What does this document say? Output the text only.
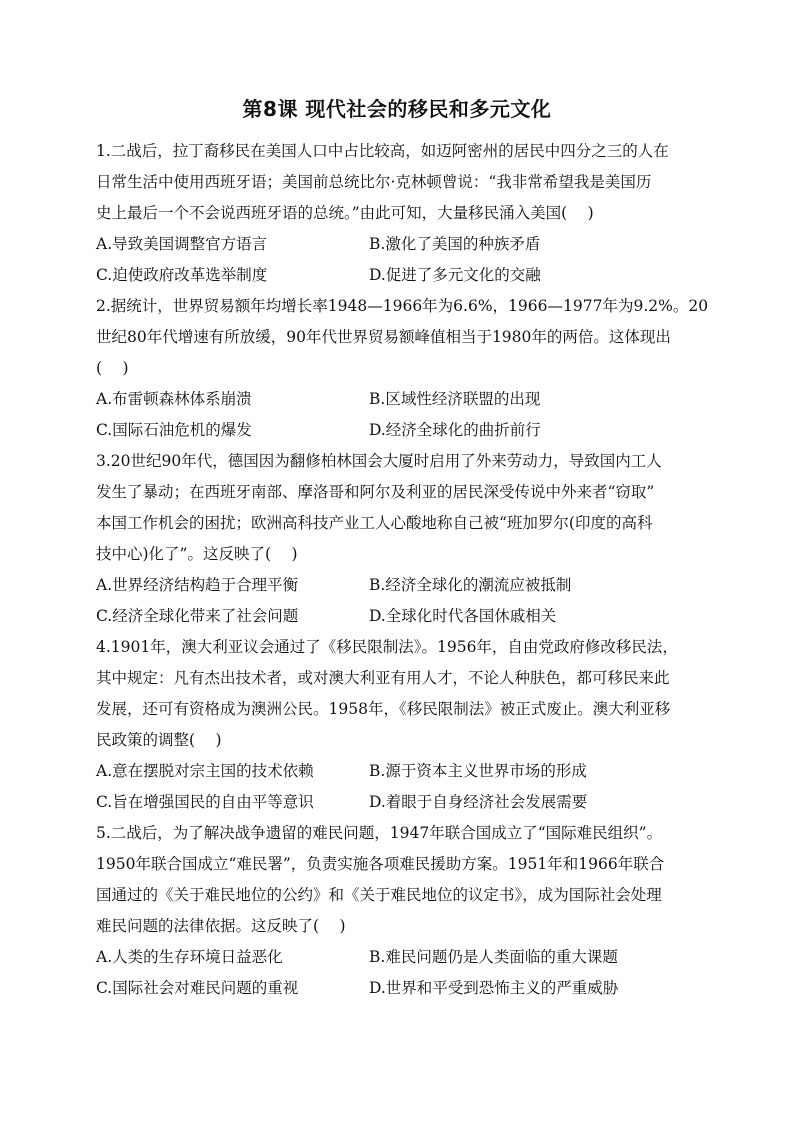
第8课 现代社会的移民和多元文化
1.二战后，拉丁裔移民在美国人口中占比较高，如迈阿密州的居民中四分之三的人在
日常生活中使用西班牙语；美国前总统比尔·克林顿曾说：“我非常希望我是美国历
史上最后一个不会说西班牙语的总统。”由此可知，大量移民涌入美国(　 )
A.导致美国调整官方语言	B.激化了美国的种族矛盾
C.迫使政府改革选举制度	D.促进了多元文化的交融
2.据统计，世界贸易额年均增长率1948—1966年为6.6%，1966—1977年为9.2%。20
世纪80年代增速有所放缓，90年代世界贸易额峰值相当于1980年的两倍。这体现出
(　 )
A.布雷顿森林体系崩溃	B.区域性经济联盟的出现
C.国际石油危机的爆发	D.经济全球化的曲折前行
3.20世纪90年代，德国因为翻修柏林国会大厦时启用了外来劳动力，导致国内工人
发生了暴动；在西班牙南部、摩洛哥和阿尔及利亚的居民深受传说中外来者“窃取”
本国工作机会的困扰；欧洲高科技产业工人心酸地称自己被“班加罗尔(印度的高科
技中心)化了”。这反映了(　 )
A.世界经济结构趋于合理平衡	B.经济全球化的潮流应被抵制
C.经济全球化带来了社会问题	D.全球化时代各国休戚相关
4.1901年，澳大利亚议会通过了《移民限制法》。1956年，自由党政府修改移民法，
其中规定：凡有杰出技术者，或对澳大利亚有用人才，不论人种肤色，都可移民来此
发展，还可有资格成为澳洲公民。1958年，《移民限制法》被正式废止。澳大利亚移
民政策的调整(　 )
A.意在摆脱对宗主国的技术依赖	B.源于资本主义世界市场的形成
C.旨在增强国民的自由平等意识	D.着眼于自身经济社会发展需要
5.二战后，为了解决战争遗留的难民问题，1947年联合国成立了“国际难民组织”。
1950年联合国成立“难民署”，负责实施各项难民援助方案。1951年和1966年联合
国通过的《关于难民地位的公约》和《关于难民地位的议定书》，成为国际社会处理
难民问题的法律依据。这反映了(　 )
A.人类的生存环境日益恶化	B.难民问题仍是人类面临的重大课题
C.国际社会对难民问题的重视	D.世界和平受到恐怖主义的严重威胁
